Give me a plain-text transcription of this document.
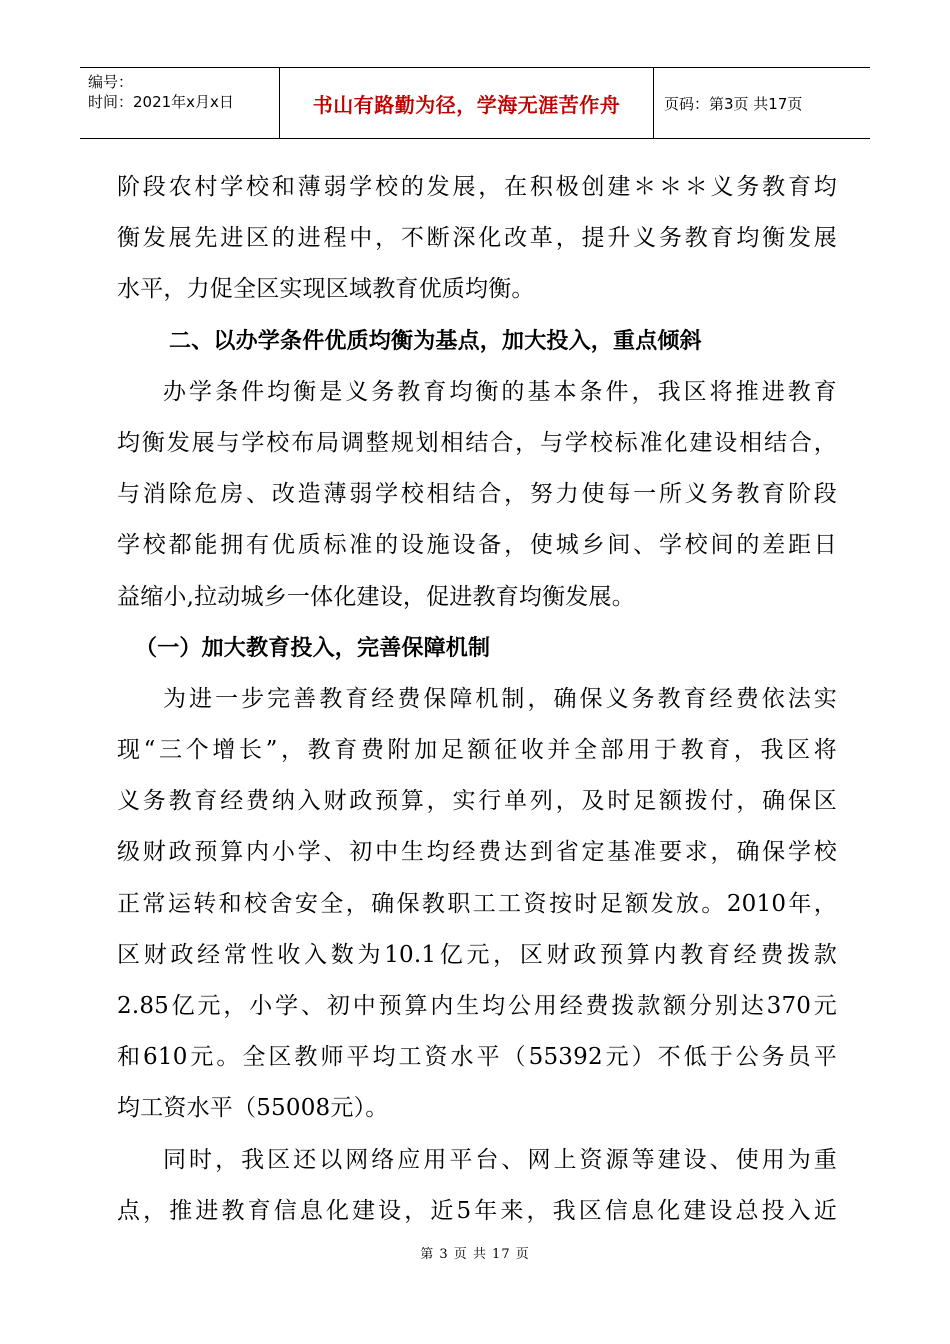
编号：
时间：2021年x月x日	书山有路勤为径，学海无涯苦作舟	页码：第3页 共17页
阶段农村学校和薄弱学校的发展，在积极创建＊＊＊义务教育均
衡发展先进区的进程中，不断深化改革，提升义务教育均衡发展
水平，力促全区实现区域教育优质均衡。
二、以办学条件优质均衡为基点，加大投入，重点倾斜
办学条件均衡是义务教育均衡的基本条件，我区将推进教育
均衡发展与学校布局调整规划相结合，与学校标准化建设相结合，
与消除危房、改造薄弱学校相结合，努力使每一所义务教育阶段
学校都能拥有优质标准的设施设备，使城乡间、学校间的差距日
益缩小,拉动城乡一体化建设，促进教育均衡发展。
（一）加大教育投入，完善保障机制
为进一步完善教育经费保障机制，确保义务教育经费依法实
现“三个增长”，教育费附加足额征收并全部用于教育，我区将
义务教育经费纳入财政预算，实行单列，及时足额拨付，确保区
级财政预算内小学、初中生均经费达到省定基准要求，确保学校
正常运转和校舍安全，确保教职工工资按时足额发放。2010年，
区财政经常性收入数为10.1亿元，区财政预算内教育经费拨款
2.85亿元，小学、初中预算内生均公用经费拨款额分别达370元
和610元。全区教师平均工资水平（55392元）不低于公务员平
均工资水平（55008元）。
同时，我区还以网络应用平台、网上资源等建设、使用为重
点，推进教育信息化建设，近5年来，我区信息化建设总投入近
第 3 页 共 17 页
